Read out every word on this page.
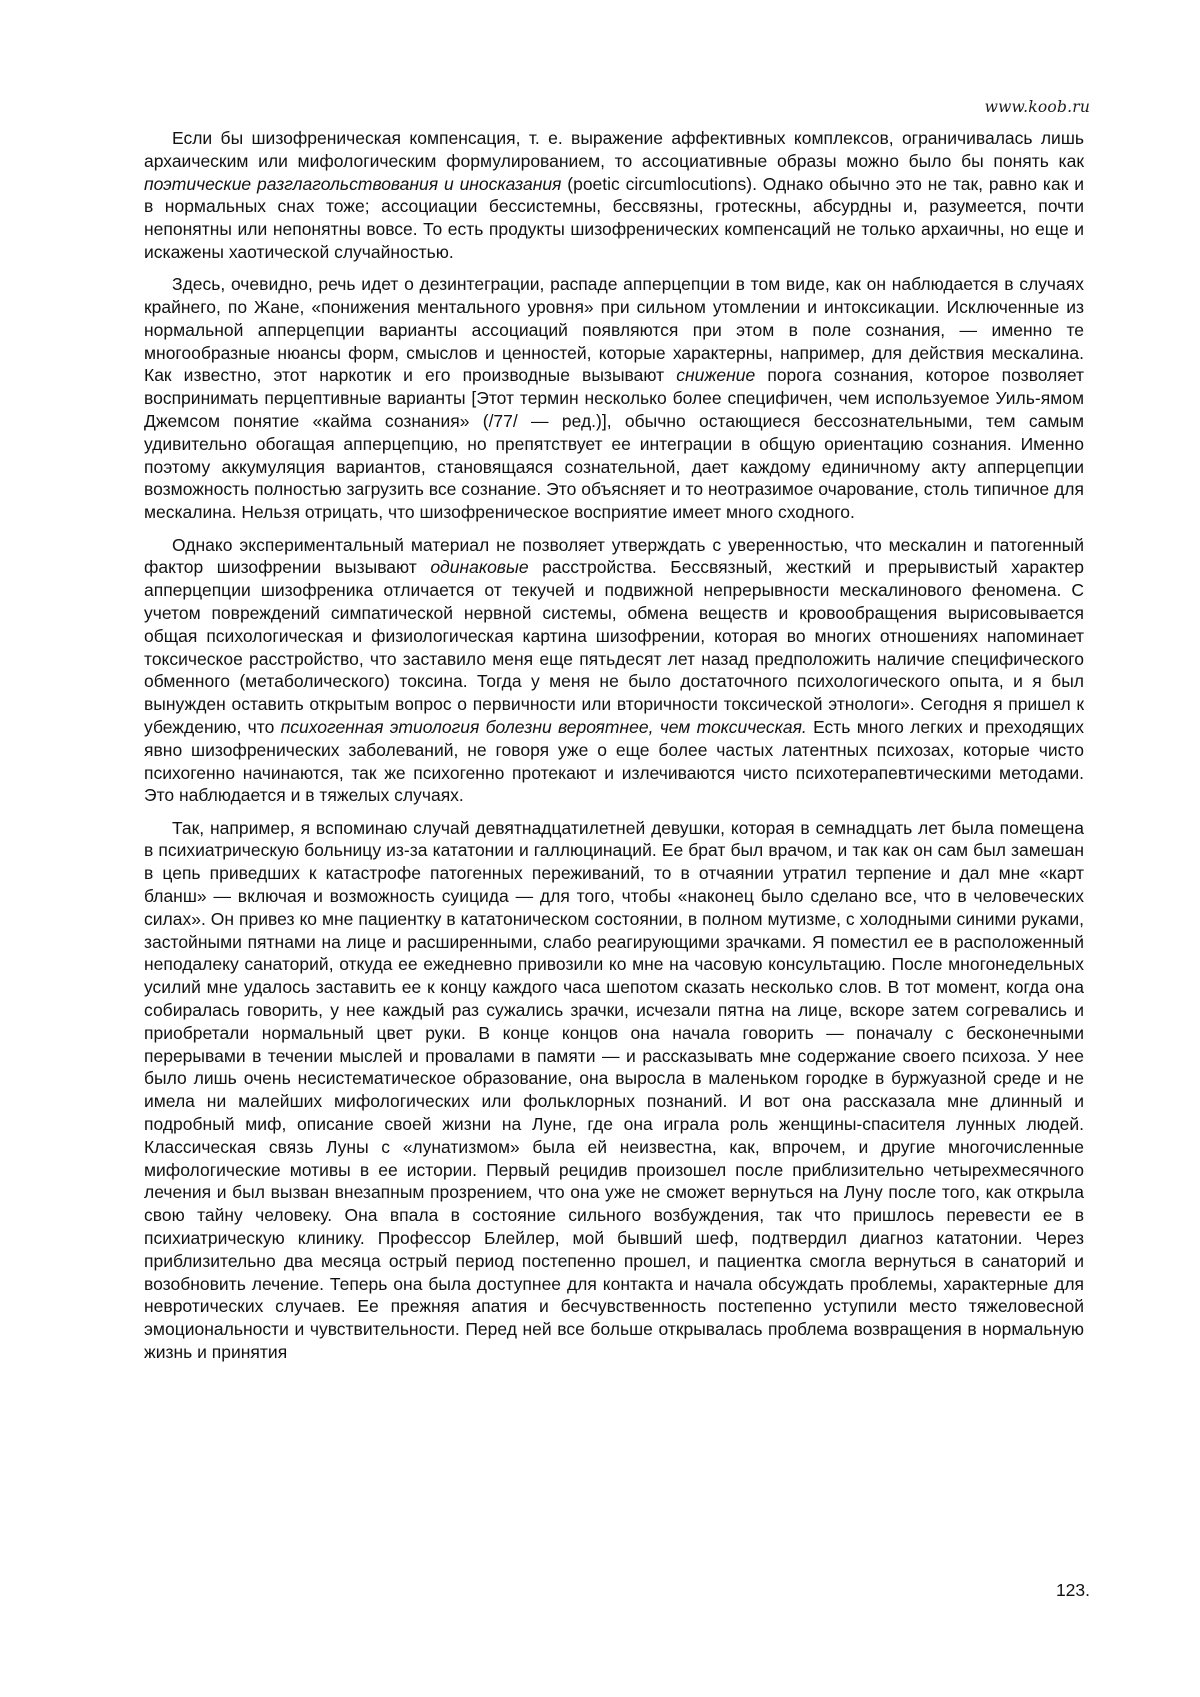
www.koob.ru

Если бы шизофреническая компенсация, т. е. выражение аффективных комплексов, ограничивалась лишь архаическим или мифологическим формулированием, то ассоциативные образы можно было бы понять как поэтические разглагольствования и иносказания (poetic circumlocutions). Однако обычно это не так, равно как и в нормальных снах тоже; ассоциации бессистемны, бессвязны, гротескны, абсурдны и, разумеется, почти непонятны или непонятны вовсе. То есть продукты шизофренических компенсаций не только архаичны, но еще и искажены хаотической случайностью.

Здесь, очевидно, речь идет о дезинтеграции, распаде апперцепции в том виде, как он наблюдается в случаях крайнего, по Жане, «понижения ментального уровня» при сильном утомлении и интоксикации. Исключенные из нормальной апперцепции варианты ассоциаций появляются при этом в поле сознания, — именно те многообразные нюансы форм, смыслов и ценностей, которые характерны, например, для действия мескалина. Как известно, этот наркотик и его производные вызывают снижение порога сознания, которое позволяет воспринимать перцептивные варианты [Этот термин несколько более специфичен, чем используемое Уиль-ямом Джемсом понятие «кайма сознания» (/77/ — ред.)], обычно остающиеся бессознательными, тем самым удивительно обогащая апперцепцию, но препятствует ее интеграции в общую ориентацию сознания. Именно поэтому аккумуляция вариантов, становящаяся сознательной, дает каждому единичному акту апперцепции возможность полностью загрузить все сознание. Это объясняет и то неотразимое очарование, столь типичное для мескалина. Нельзя отрицать, что шизофреническое восприятие имеет много сходного.

Однако экспериментальный материал не позволяет утверждать с уверенностью, что мескалин и патогенный фактор шизофрении вызывают одинаковые расстройства. Бессвязный, жесткий и прерывистый характер апперцепции шизофреника отличается от текучей и подвижной непрерывности мескалинового феномена. С учетом повреждений симпатической нервной системы, обмена веществ и кровообращения вырисовывается общая психологическая и физиологическая картина шизофрении, которая во многих отношениях напоминает токсическое расстройство, что заставило меня еще пятьдесят лет назад предположить наличие специфического обменного (метаболического) токсина. Тогда у меня не было достаточного психологического опыта, и я был вынужден оставить открытым вопрос о первичности или вторичности токсической этнологи». Сегодня я пришел к убеждению, что психогенная этиология болезни вероятнее, чем токсическая. Есть много легких и преходящих явно шизофренических заболеваний, не говоря уже о еще более частых латентных психозах, которые чисто психогенно начинаются, так же психогенно протекают и излечиваются чисто психотерапевтическими методами. Это наблюдается и в тяжелых случаях.

Так, например, я вспоминаю случай девятнадцатилетней девушки, которая в семнадцать лет была помещена в психиатрическую больницу из-за кататонии и галлюцинаций. Ее брат был врачом, и так как он сам был замешан в цепь приведших к катастрофе патогенных переживаний, то в отчаянии утратил терпение и дал мне «карт бланш» — включая и возможность суицида — для того, чтобы «наконец было сделано все, что в человеческих силах». Он привез ко мне пациентку в кататоническом состоянии, в полном мутизме, с холодными синими руками, застойными пятнами на лице и расширенными, слабо реагирующими зрачками. Я поместил ее в расположенный неподалеку санаторий, откуда ее ежедневно привозили ко мне на часовую консультацию. После многонедельных усилий мне удалось заставить ее к концу каждого часа шепотом сказать несколько слов. В тот момент, когда она собиралась говорить, у нее каждый раз сужались зрачки, исчезали пятна на лице, вскоре затем согревались и приобретали нормальный цвет руки. В конце концов она начала говорить — поначалу с бесконечными перерывами в течении мыслей и провалами в памяти — и рассказывать мне содержание своего психоза. У нее было лишь очень несистематическое образование, она выросла в маленьком городке в буржуазной среде и не имела ни малейших мифологических или фольклорных познаний. И вот она рассказала мне длинный и подробный миф, описание своей жизни на Луне, где она играла роль женщины-спасителя лунных людей. Классическая связь Луны с «лунатизмом» была ей неизвестна, как, впрочем, и другие многочисленные мифологические мотивы в ее истории. Первый рецидив произошел после приблизительно четырехмесячного лечения и был вызван внезапным прозрением, что она уже не сможет вернуться на Луну после того, как открыла свою тайну человеку. Она впала в состояние сильного возбуждения, так что пришлось перевести ее в психиатрическую клинику. Профессор Блейлер, мой бывший шеф, подтвердил диагноз кататонии. Через приблизительно два месяца острый период постепенно прошел, и пациентка смогла вернуться в санаторий и возобновить лечение. Теперь она была доступнее для контакта и начала обсуждать проблемы, характерные для невротических случаев. Ее прежняя апатия и бесчувственность постепенно уступили место тяжеловесной эмоциональности и чувствительности. Перед ней все больше открывалась проблема возвращения в нормальную жизнь и принятия

123.
